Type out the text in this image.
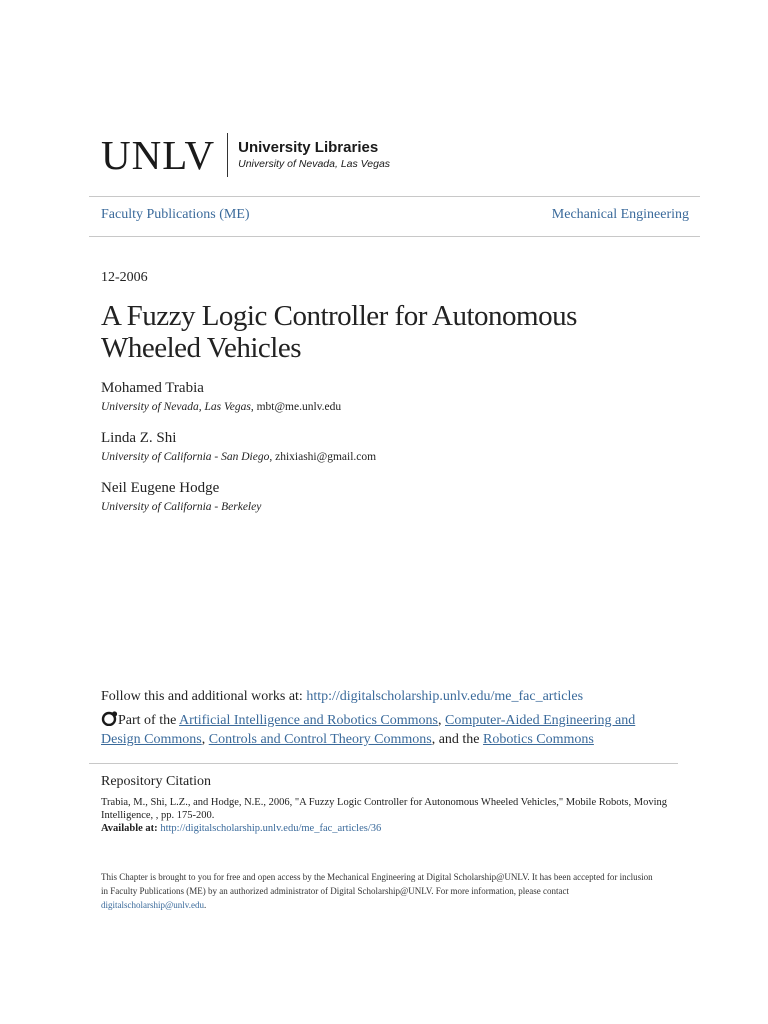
UNLV University Libraries
University of Nevada, Las Vegas
Faculty Publications (ME)	Mechanical Engineering
12-2006
A Fuzzy Logic Controller for Autonomous Wheeled Vehicles
Mohamed Trabia
University of Nevada, Las Vegas, mbt@me.unlv.edu
Linda Z. Shi
University of California - San Diego, zhixiashi@gmail.com
Neil Eugene Hodge
University of California - Berkeley
Follow this and additional works at: http://digitalscholarship.unlv.edu/me_fac_articles
Part of the Artificial Intelligence and Robotics Commons, Computer-Aided Engineering and Design Commons, Controls and Control Theory Commons, and the Robotics Commons
Repository Citation
Trabia, M., Shi, L.Z., and Hodge, N.E., 2006, "A Fuzzy Logic Controller for Autonomous Wheeled Vehicles," Mobile Robots, Moving Intelligence, , pp. 175-200.
Available at: http://digitalscholarship.unlv.edu/me_fac_articles/36
This Chapter is brought to you for free and open access by the Mechanical Engineering at Digital Scholarship@UNLV. It has been accepted for inclusion in Faculty Publications (ME) by an authorized administrator of Digital Scholarship@UNLV. For more information, please contact digitalscholarship@unlv.edu.
